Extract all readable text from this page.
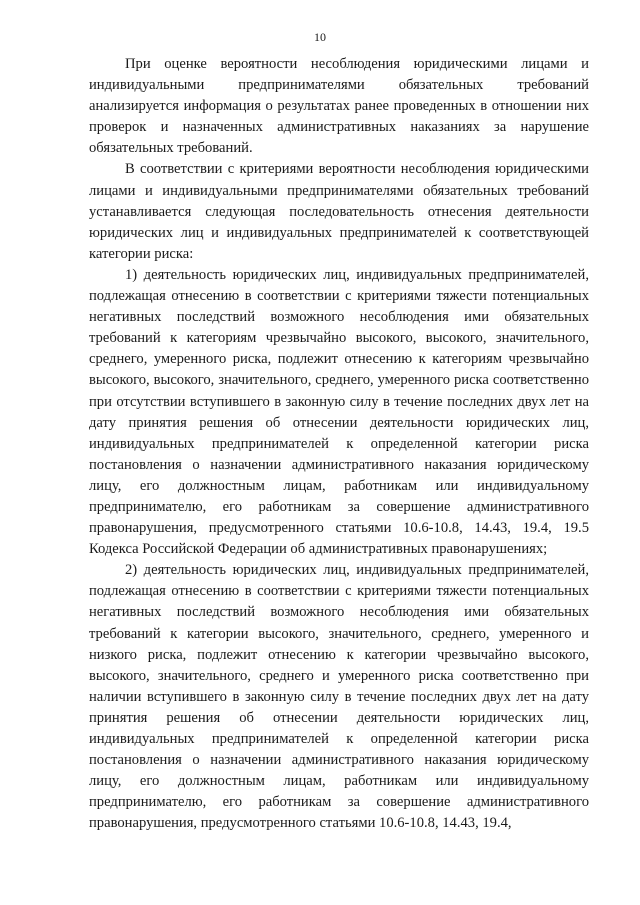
10

При оценке вероятности несоблюдения юридическими лицами и индивидуальными предпринимателями обязательных требований анализируется информация о результатах ранее проведенных в отношении них проверок и назначенных административных наказаниях за нарушение обязательных требований.

В соответствии с критериями вероятности несоблюдения юридическими лицами и индивидуальными предпринимателями обязательных требований устанавливается следующая последовательность отнесения деятельности юридических лиц и индивидуальных предпринимателей к соответствующей категории риска:

1) деятельность юридических лиц, индивидуальных предпринимателей, подлежащая отнесению в соответствии с критериями тяжести потенциальных негативных последствий возможного несоблюдения ими обязательных требований к категориям чрезвычайно высокого, высокого, значительного, среднего, умеренного риска, подлежит отнесению к категориям чрезвычайно высокого, высокого, значительного, среднего, умеренного риска соответственно при отсутствии вступившего в законную силу в течение последних двух лет на дату принятия решения об отнесении деятельности юридических лиц, индивидуальных предпринимателей к определенной категории риска постановления о назначении административного наказания юридическому лицу, его должностным лицам, работникам или индивидуальному предпринимателю, его работникам за совершение административного правонарушения, предусмотренного статьями 10.6-10.8, 14.43, 19.4, 19.5 Кодекса Российской Федерации об административных правонарушениях;

2) деятельность юридических лиц, индивидуальных предпринимателей, подлежащая отнесению в соответствии с критериями тяжести потенциальных негативных последствий возможного несоблюдения ими обязательных требований к категории высокого, значительного, среднего, умеренного и низкого риска, подлежит отнесению к категории чрезвычайно высокого, высокого, значительного, среднего и умеренного риска соответственно при наличии вступившего в законную силу в течение последних двух лет на дату принятия решения об отнесении деятельности юридических лиц, индивидуальных предпринимателей к определенной категории риска постановления о назначении административного наказания юридическому лицу, его должностным лицам, работникам или индивидуальному предпринимателю, его работникам за совершение административного правонарушения, предусмотренного статьями 10.6-10.8, 14.43, 19.4,
